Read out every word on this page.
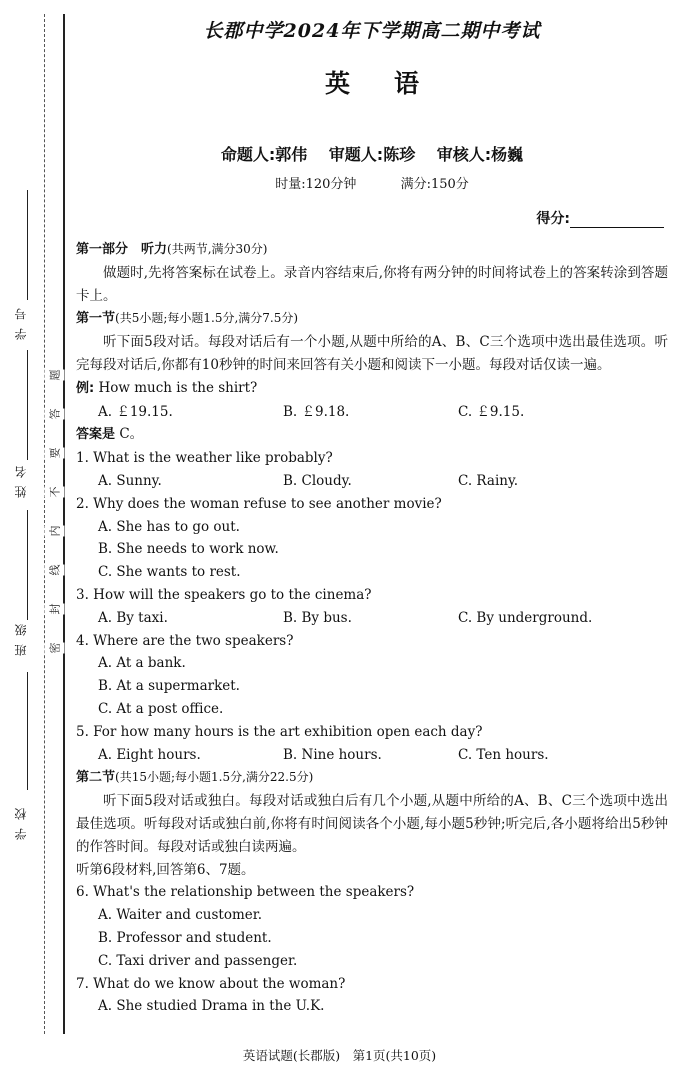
学号
姓名
班级
学校
题
答
要
不
内
线
封
密
长郡中学2024年下学期高二期中考试
英语
命题人:郭伟 审题人:陈珍 审核人:杨巍
时量:120分钟	满分:150分
得分:

第一部分　听力(共两节,满分30分)

做题时,先将答案标在试卷上。录音内容结束后,你将有两分钟的时间将试卷上的答案转涂到答题卡上。

第一节(共5小题;每小题1.5分,满分7.5分)

听下面5段对话。每段对话后有一个小题,从题中所给的A、B、C三个选项中选出最佳选项。听完每段对话后,你都有10秒钟的时间来回答有关小题和阅读下一小题。每段对话仅读一遍。

例: How much is the shirt?

A. ￡19.15.	B. ￡9.18.	C. ￡9.15.

答案是 C。

1. What is the weather like probably?

A. Sunny.	B. Cloudy.	C. Rainy.

2. Why does the woman refuse to see another movie?

A. She has to go out.
B. She needs to work now.
C. She wants to rest.

3. How will the speakers go to the cinema?

A. By taxi.	B. By bus.	C. By underground.

4. Where are the two speakers?

A. At a bank.
B. At a supermarket.
C. At a post office.

5. For how many hours is the art exhibition open each day?

A. Eight hours.	B. Nine hours.	C. Ten hours.

第二节(共15小题;每小题1.5分,满分22.5分)

听下面5段对话或独白。每段对话或独白后有几个小题,从题中所给的A、B、C三个选项中选出最佳选项。听每段对话或独白前,你将有时间阅读各个小题,每小题5秒钟;听完后,各小题将给出5秒钟的作答时间。每段对话或独白读两遍。

听第6段材料,回答第6、7题。

6. What's the relationship between the speakers?

A. Waiter and customer.
B. Professor and student.
C. Taxi driver and passenger.

7. What do we know about the woman?

A. She studied Drama in the U.K.
英语试题(长郡版)　第1页(共10页)
